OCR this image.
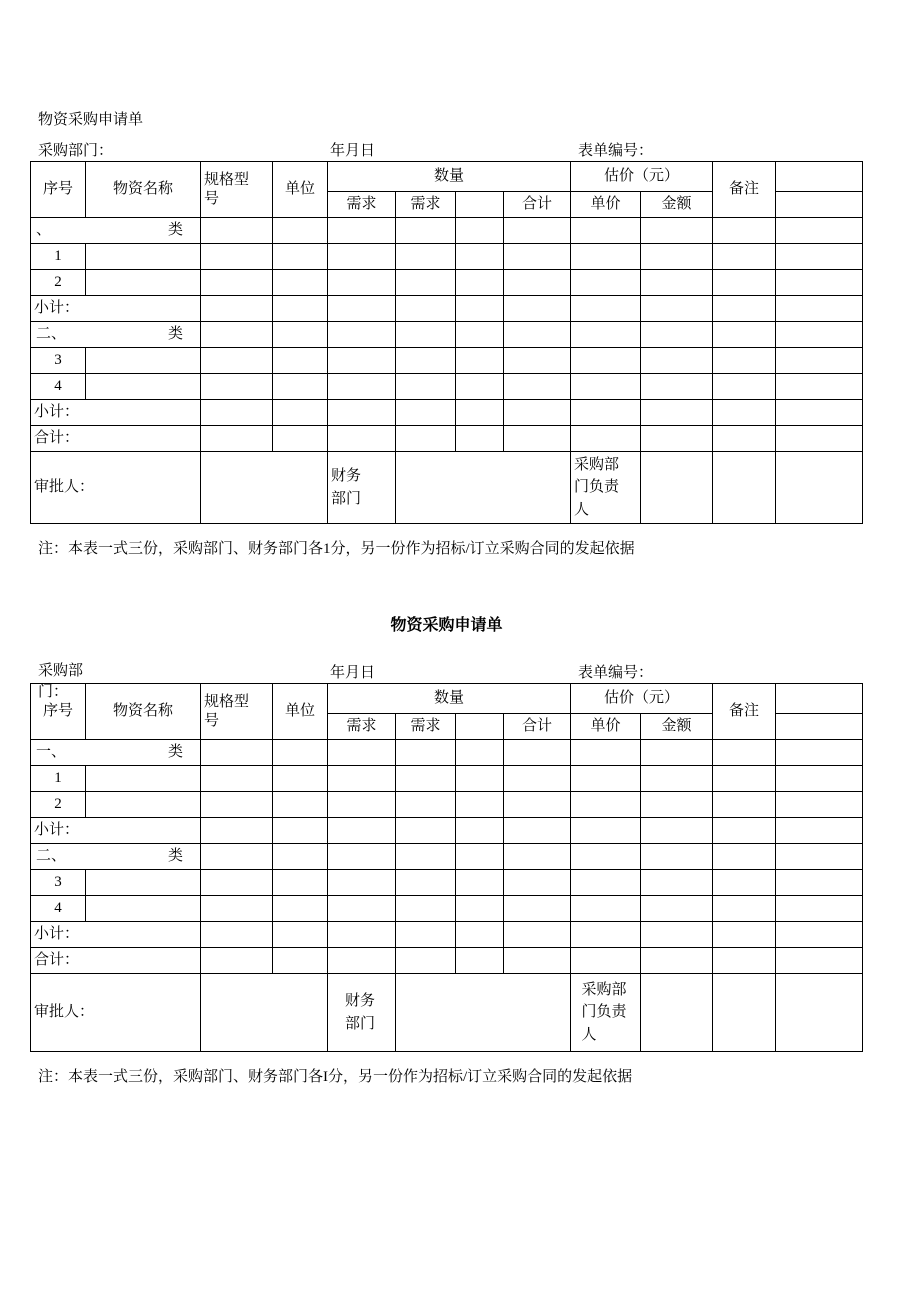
物资采购申请单
采购部门：	年月日	表单编号：
序号	物资名称	规格型号	单位	数量				估价（元）		备注	
				需求	需求		合计	单价	金额		

、 类											

1											
2											
小计：											

二、 类											

3											
4											
小计：											
合计：											
审批人：				财务部门				采购部门负责人			
注：本表一式三份，采购部门、财务部门各1分，另一份作为招标/订立采购合同的发起依据
物资采购申请单
采购部门：
年月日	表单编号：
序号	物资名称	规格型号	单位	数量				估价（元）		备注	
				需求	需求		合计	单价	金额		

一、 类											

1											
2											
小计：											

二、 类											

3											
4											
小计：											
合计：											
审批人：				财务部门				采购部门负责人			
注：本表一式三份，采购部门、财务部门各I分，另一份作为招标/订立采购合同的发起依据
